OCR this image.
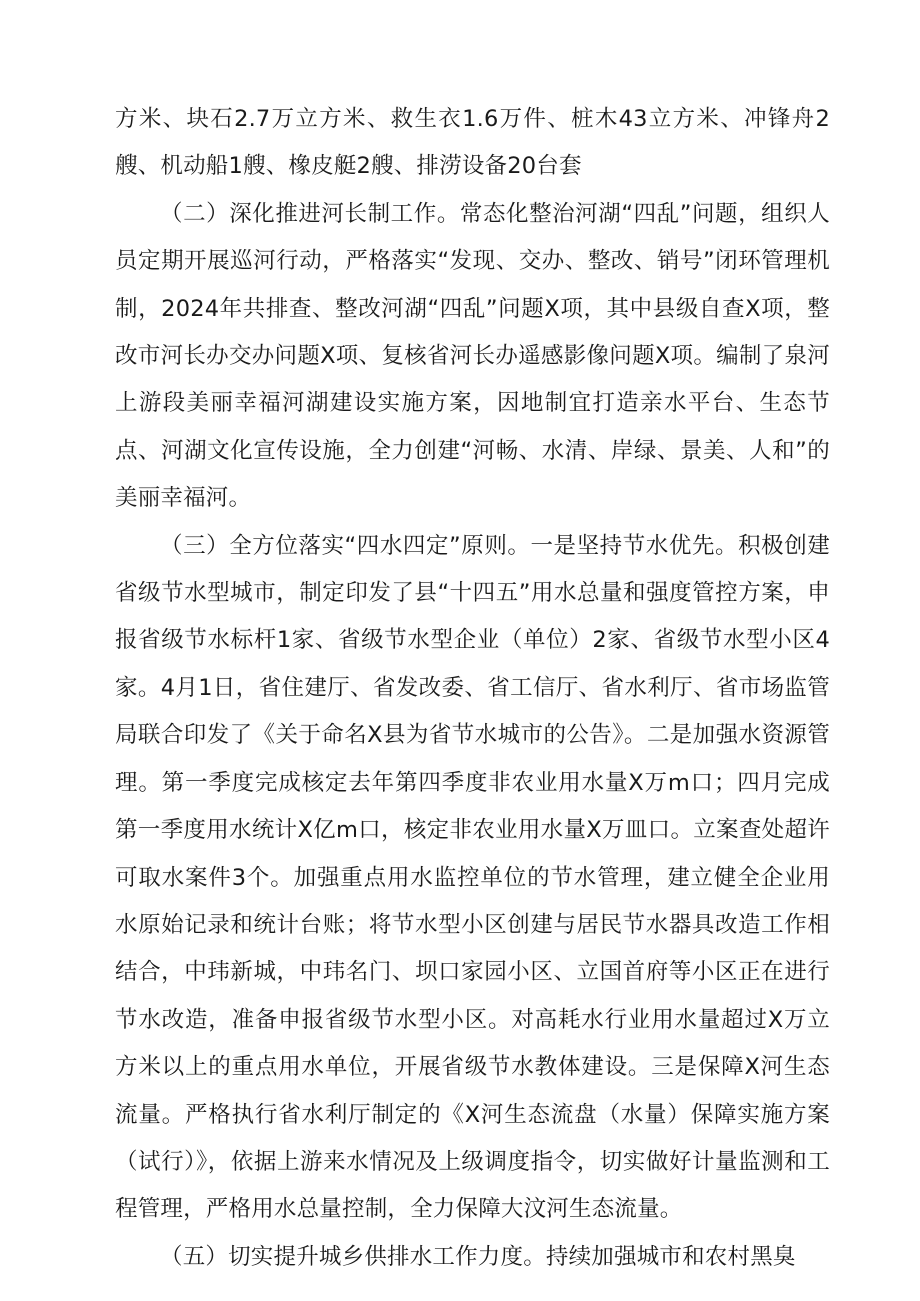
方米、块石2.7万立方米、救生衣1.6万件、桩木43立方米、冲锋舟2艘、机动船1艘、橡皮艇2艘、排涝设备20台套

（二）深化推进河长制工作。常态化整治河湖“四乱”问题，组织人员定期开展巡河行动，严格落实“发现、交办、整改、销号”闭环管理机制，2024年共排查、整改河湖“四乱”问题X项，其中县级自查X项，整改市河长办交办问题X项、复核省河长办遥感影像问题X项。编制了泉河上游段美丽幸福河湖建设实施方案，因地制宜打造亲水平台、生态节点、河湖文化宣传设施，全力创建“河畅、水清、岸绿、景美、人和”的美丽幸福河。

（三）全方位落实“四水四定”原则。一是坚持节水优先。积极创建省级节水型城市，制定印发了县“十四五”用水总量和强度管控方案，申报省级节水标杆1家、省级节水型企业（单位）2家、省级节水型小区4家。4月1日，省住建厅、省发改委、省工信厅、省水利厅、省市场监管局联合印发了《关于命名X县为省节水城市的公告》。二是加强水资源管理。第一季度完成核定去年第四季度非农业用水量X万m口；四月完成第一季度用水统计X亿m口，核定非农业用水量X万皿口。立案查处超许可取水案件3个。加强重点用水监控单位的节水管理，建立健全企业用水原始记录和统计台账；将节水型小区创建与居民节水器具改造工作相结合，中玮新城，中玮名门、坝口家园小区、立国首府等小区正在进行节水改造，准备申报省级节水型小区。对高耗水行业用水量超过X万立方米以上的重点用水单位，开展省级节水教体建设。三是保障X河生态流量。严格执行省水利厅制定的《X河生态流盘（水量）保障实施方案（试行）》，依据上游来水情况及上级调度指令，切实做好计量监测和工程管理，严格用水总量控制，全力保障大汶河生态流量。

（五）切实提升城乡供排水工作力度。持续加强城市和农村黑臭
